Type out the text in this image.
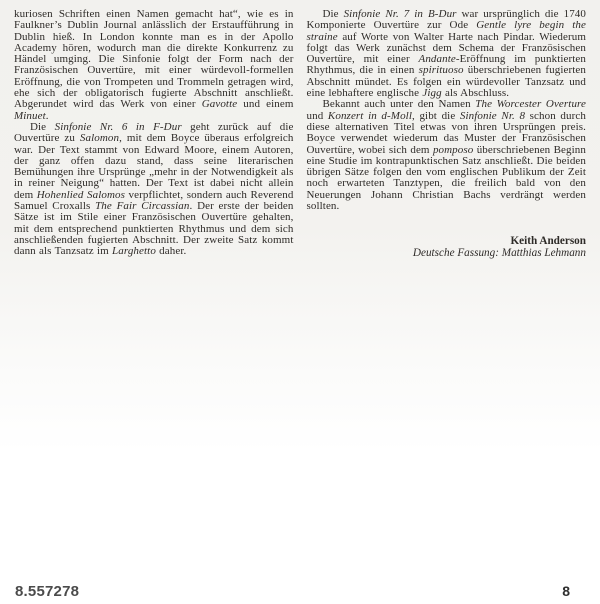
kuriosen Schriften einen Namen gemacht hat“, wie es in Faulkner’s Dublin Journal anlässlich der Erstaufführung in Dublin hieß. In London konnte man es in der Apollo Academy hören, wodurch man die direkte Konkurrenz zu Händel umging. Die Sinfonie folgt der Form nach der Französischen Ouvertüre, mit einer würdevoll-formellen Eröffnung, die von Trompeten und Trommeln getragen wird, ehe sich der obligatorisch fugierte Abschnitt anschließt. Abgerundet wird das Werk von einer Gavotte und einem Minuet.

Die Sinfonie Nr. 6 in F-Dur geht zurück auf die Ouvertüre zu Salomon, mit dem Boyce überaus erfolgreich war. Der Text stammt von Edward Moore, einem Autoren, der ganz offen dazu stand, dass seine literarischen Bemühungen ihre Ursprünge „mehr in der Notwendigkeit als in reiner Neigung“ hatten. Der Text ist dabei nicht allein dem Hohenlied Salomos verpflichtet, sondern auch Reverend Samuel Croxalls The Fair Circassian. Der erste der beiden Sätze ist im Stile einer Französischen Ouvertüre gehalten, mit dem entsprechend punktierten Rhythmus und dem sich anschließenden fugierten Abschnitt. Der zweite Satz kommt dann als Tanzsatz im Larghetto daher.

Die Sinfonie Nr. 7 in B-Dur war ursprünglich die 1740 Komponierte Ouvertüre zur Ode Gentle lyre begin the straine auf Worte von Walter Harte nach Pindar. Wiederum folgt das Werk zunächst dem Schema der Französischen Ouvertüre, mit einer Andante-Eröffnung im punktierten Rhythmus, die in einen spirituoso überschriebenen fugierten Abschnitt mündet. Es folgen ein würdevoller Tanzsatz und eine lebhaftere englische Jigg als Abschluss.

Bekannt auch unter den Namen The Worcester Overture und Konzert in d-Moll, gibt die Sinfonie Nr. 8 schon durch diese alternativen Titel etwas von ihren Ursprüngen preis. Boyce verwendet wiederum das Muster der Französischen Ouvertüre, wobei sich dem pomposo überschriebenen Beginn eine Studie im kontrapunktischen Satz anschließt. Die beiden übrigen Sätze folgen den vom englischen Publikum der Zeit noch erwarteten Tanztypen, die freilich bald von den Neuerungen Johann Christian Bachs verdrängt werden sollten.

Keith Anderson
Deutsche Fassung: Matthias Lehmann
8.557278	8
